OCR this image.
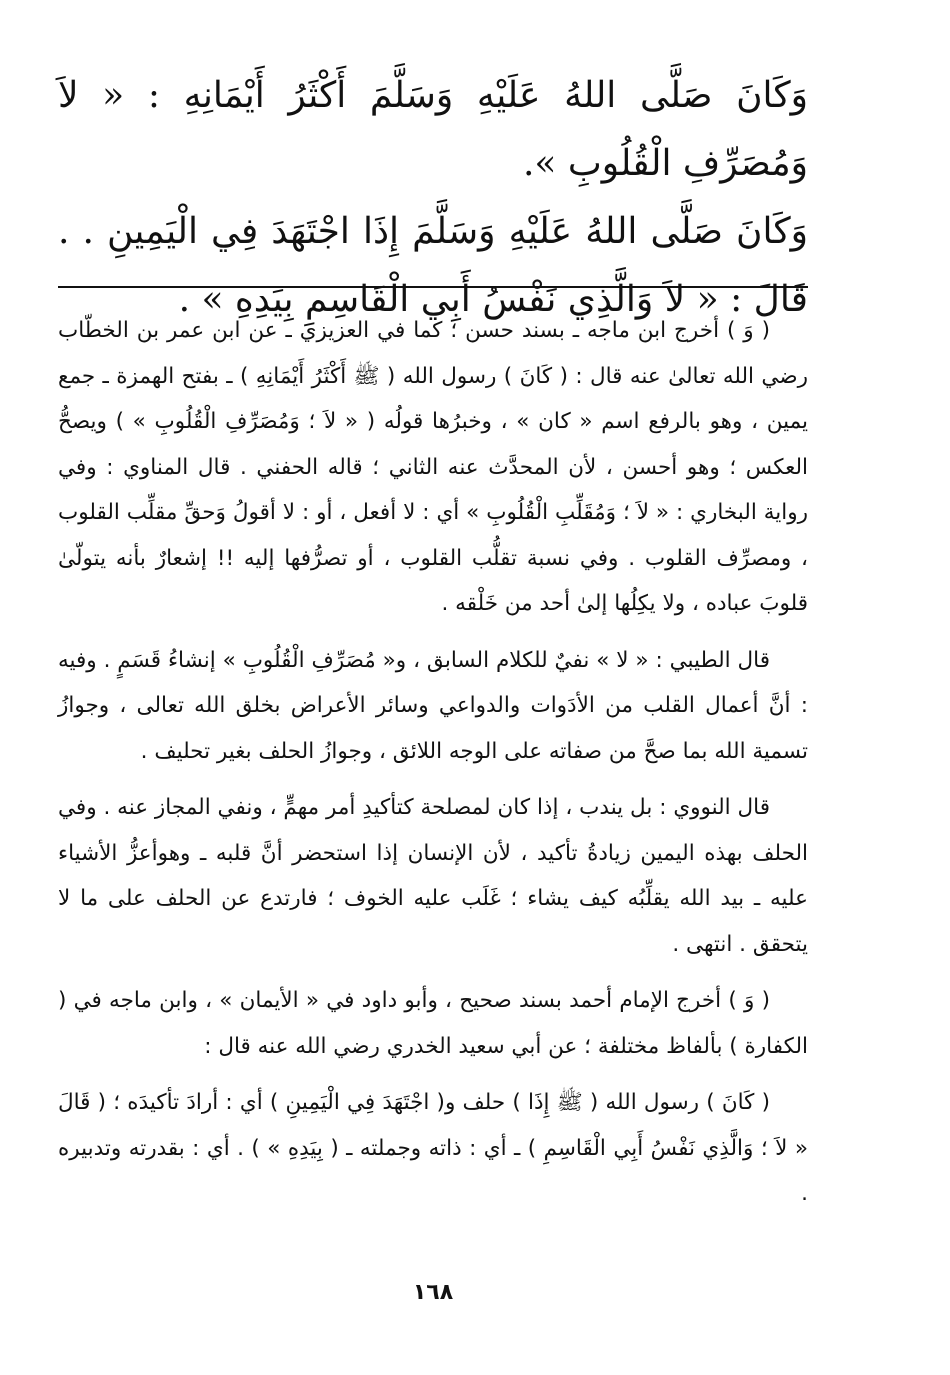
وَكَانَ صَلَّى اللهُ عَلَيْهِ وَسَلَّمَ أَكْثَرُ أَيْمَانِهِ : « لاَ وَمُصَرِّفِ الْقُلُوبِ ».

وَكَانَ صَلَّى اللهُ عَلَيْهِ وَسَلَّمَ إِذَا اجْتَهَدَ فِي الْيَمِينِ . . قَالَ : « لاَ وَالَّذِي نَفْسُ أَبِي الْقَاسِمِ بِيَدِهِ » .

( وَ ) أخرج ابن ماجه ـ بسند حسن ؛ كما في العزيزي ـ عن ابن عمر بن الخطّاب رضي الله تعالىٰ عنه قال : ( كَانَ ) رسول الله ( ﷺ أَكْثَرُ أَيْمَانِهِ ) ـ بفتح الهمزة ـ جمع يمين ، وهو بالرفع اسم « كان » ، وخبرُها قولُه ( « لاَ ؛ وَمُصَرِّفِ الْقُلُوبِ » ) ويصحُّ العكس ؛ وهو أحسن ، لأن المحدَّث عنه الثاني ؛ قاله الحفني . قال المناوي : وفي رواية البخاري : « لاَ ؛ وَمُقَلِّبِ الْقُلُوبِ » أي : لا أفعل ، أو : لا أقولُ وَحقِّ مقلِّب القلوب ، ومصرِّف القلوب . وفي نسبة تقلُّب القلوب ، أو تصرُّفها إليه !! إشعارٌ بأنه يتولّىٰ قلوبَ عباده ، ولا يكِلُها إلىٰ أحد من خَلْقه .

قال الطيبي : « لا » نفيٌ للكلام السابق ، و« مُصَرِّفِ الْقُلُوبِ » إنشاءُ قَسَمٍ . وفيه : أنَّ أعمال القلب من الأدَوات والدواعي وسائر الأعراض بخلق الله تعالى ، وجوازُ تسمية الله بما صحَّ من صفاته على الوجه اللائق ، وجوازُ الحلف بغير تحليف .

قال النووي : بل يندب ، إذا كان لمصلحة كتأكيدِ أمر مهمٍّ ، ونفي المجاز عنه . وفي الحلف بهذه اليمين زيادةُ تأكيد ، لأن الإنسان إذا استحضر أنَّ قلبه ـ وهوأعزُّ الأشياء عليه ـ بيد الله يقلِّبُه كيف يشاء ؛ غَلَب عليه الخوف ؛ فارتدع عن الحلف على ما لا يتحقق . انتهى .

( وَ ) أخرج الإمام أحمد بسند صحيح ، وأبو داود في « الأيمان » ، وابن ماجه في ( الكفارة ) بألفاظ مختلفة ؛ عن أبي سعيد الخدري رضي الله عنه قال :

( كَانَ ) رسول الله ( ﷺ إِذَا ) حلف و( اجْتَهَدَ فِي الْيَمِينِ ) أي : أرادَ تأكيدَه ؛ ( قَالَ « لاَ ؛ وَالَّذِي نَفْسُ أَبِي الْقَاسِمِ ) ـ أي : ذاته وجملته ـ ( بِيَدِهِ » ) . أي : بقدرته وتدبيره .

١٦٨
